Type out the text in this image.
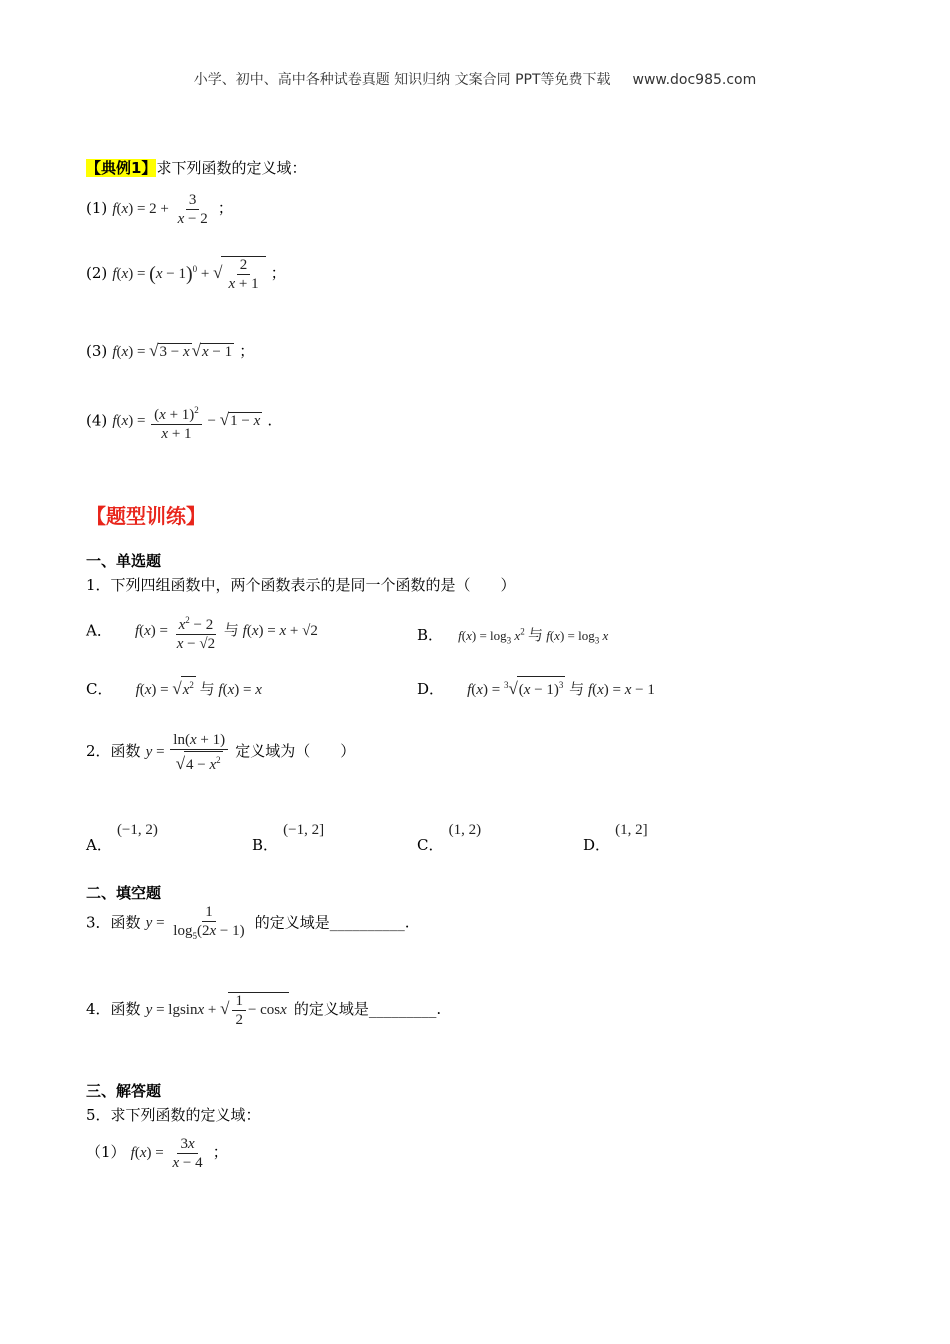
小学、初中、高中各种试卷真题 知识归纳 文案合同 PPT等免费下载 www.doc985.com
【典例1】求下列函数的定义域：
(1) $f(x) = 2 + \frac{3}{x - 2}$ ；
(2) $f(x) = (x - 1)^0$ + √ $\frac{2}{x + 1}$ ；
(3) f(x) = √3 − x √x − 1 ；
(4) $f(x) = \frac{(x + 1)^2}{x + 1} - √1 - x$ .
【题型训练】
一、单选题
1．下列四组函数中，两个函数表示的是同一个函数的是（　　）
A． $f(x) = \frac{x^2 - 2}{x - √2}$ 与 f(x) = x + √2	B． $f(x) = \log_3 x^2$ 与 $f(x) = \log_3 x$
C． $f(x) = √x^2$ 与 f(x) = x	D． $f(x) = ^3√(x - 1)^3$ 与 f(x) = x − 1
2．函数 $y = \frac{\ln(x + 1)}{√4 - x^2}$ 定义域为（　　）
A． (−1, 2)
B． (−1, 2]
C． (1, 2)
D． (1, 2]
二、填空题
3．函数 $y = \frac{1}{\log_5(2x - 1)}$ 的定义域是__________.
4．函数 y = lgsinx + √ $\frac{1}{2} - \cos x$ 的定义域是_________.
三、解答题
5．求下列函数的定义域：
（1） $f(x) = \frac{3x}{x - 4}$ ；
